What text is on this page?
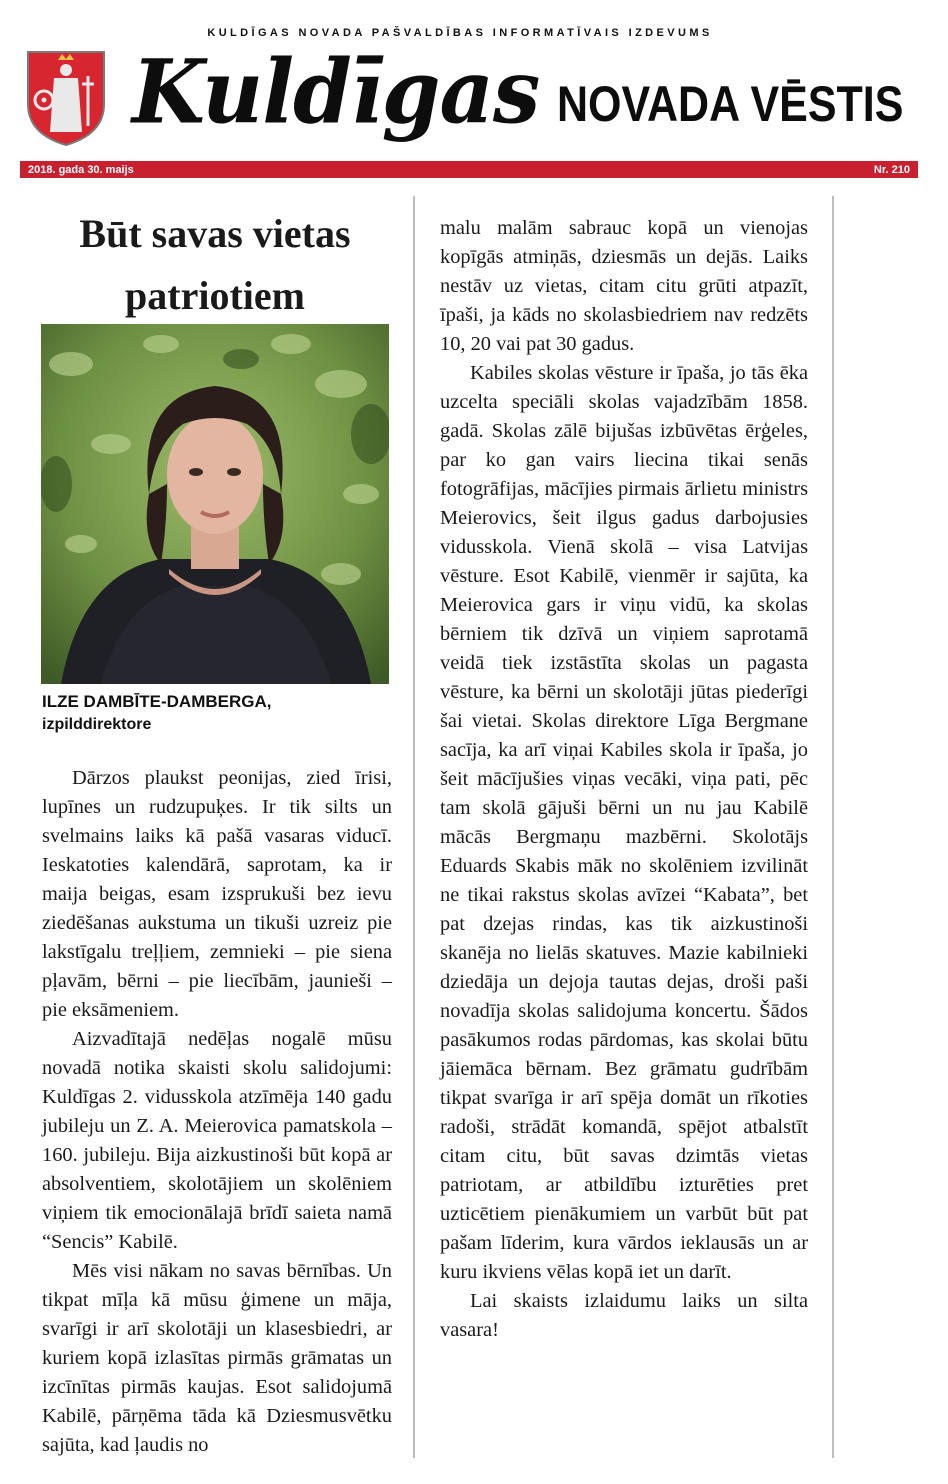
KULDĪGAS NOVADA PAŠVALDĪBAS INFORMATĪVAIS IZDEVUMS
Kuldīgas NOVADA VĒSTIS
2018. gada 30. maijs	Nr. 210
Būt savas vietas patriotiem
ILZE DAMBĪTE-DAMBERGA,
izpilddirektore

Dārzos plaukst peonijas, zied īrisi, lupīnes un rudzupuķes. Ir tik silts un svelmains laiks kā pašā vasaras viducī. Ieskatoties kalendārā, saprotam, ka ir maija beigas, esam izsprukuši bez ievu ziedēšanas aukstuma un tikuši uzreiz pie lakstīgalu treļļiem, zemnieki – pie siena pļavām, bērni – pie liecībām, jaunieši – pie eksāmeniem.

Aizvadītajā nedēļas nogalē mūsu novadā notika skaisti skolu salidojumi: Kuldīgas 2. vidusskola atzīmēja 140 gadu jubileju un Z. A. Meierovica pamatskola – 160. jubileju. Bija aizkustinoši būt kopā ar absolventiem, skolotājiem un skolēniem viņiem tik emocionālajā brīdī saieta namā “Sencis” Kabilē.

Mēs visi nākam no savas bērnības. Un tikpat mīļa kā mūsu ģimene un māja, svarīgi ir arī skolotāji un klasesbiedri, ar kuriem kopā izlasītas pirmās grāmatas un izcīnītas pirmās kaujas. Esot salidojumā Kabilē, pārņēma tāda kā Dziesmusvētku sajūta, kad ļaudis no

malu malām sabrauc kopā un vienojas kopīgās atmiņās, dziesmās un dejās. Laiks nestāv uz vietas, citam citu grūti atpazīt, īpaši, ja kāds no skolasbiedriem nav redzēts 10, 20 vai pat 30 gadus.

Kabiles skolas vēsture ir īpaša, jo tās ēka uzcelta speciāli skolas vajadzībām 1858. gadā. Skolas zālē bijušas izbūvētas ērģeles, par ko gan vairs liecina tikai senās fotogrāfijas, mācījies pirmais ārlietu ministrs Meierovics, šeit ilgus gadus darbojusies vidusskola. Vienā skolā – visa Latvijas vēsture. Esot Kabilē, vienmēr ir sajūta, ka Meierovica gars ir viņu vidū, ka skolas bērniem tik dzīvā un viņiem saprotamā veidā tiek izstāstīta skolas un pagasta vēsture, ka bērni un skolotāji jūtas piederīgi šai vietai. Skolas direktore Līga Bergmane sacīja, ka arī viņai Kabiles skola ir īpaša, jo šeit mācījušies viņas vecāki, viņa pati, pēc tam skolā gājuši bērni un nu jau Kabilē mācās Bergmaņu mazbērni. Skolotājs Eduards Skabis māk no skolēniem izvilināt ne tikai rakstus skolas avīzei “Kabata”, bet pat dzejas rindas, kas tik aizkustinoši skanēja no lielās skatuves. Mazie kabilnieki dziedāja un dejoja tautas dejas, droši paši novadīja skolas salidojuma koncertu. Šādos pasākumos rodas pārdomas, kas skolai būtu jāiemāca bērnam. Bez grāmatu gudrībām tikpat svarīga ir arī spēja domāt un rīkoties radoši, strādāt komandā, spējot atbalstīt citam citu, būt savas dzimtās vietas patriotam, ar atbildību izturēties pret uzticētiem pienākumiem un varbūt būt pat pašam līderim, kura vārdos ieklausās un ar kuru ikviens vēlas kopā iet un darīt.

Lai skaists izlaidumu laiks un silta vasara!
